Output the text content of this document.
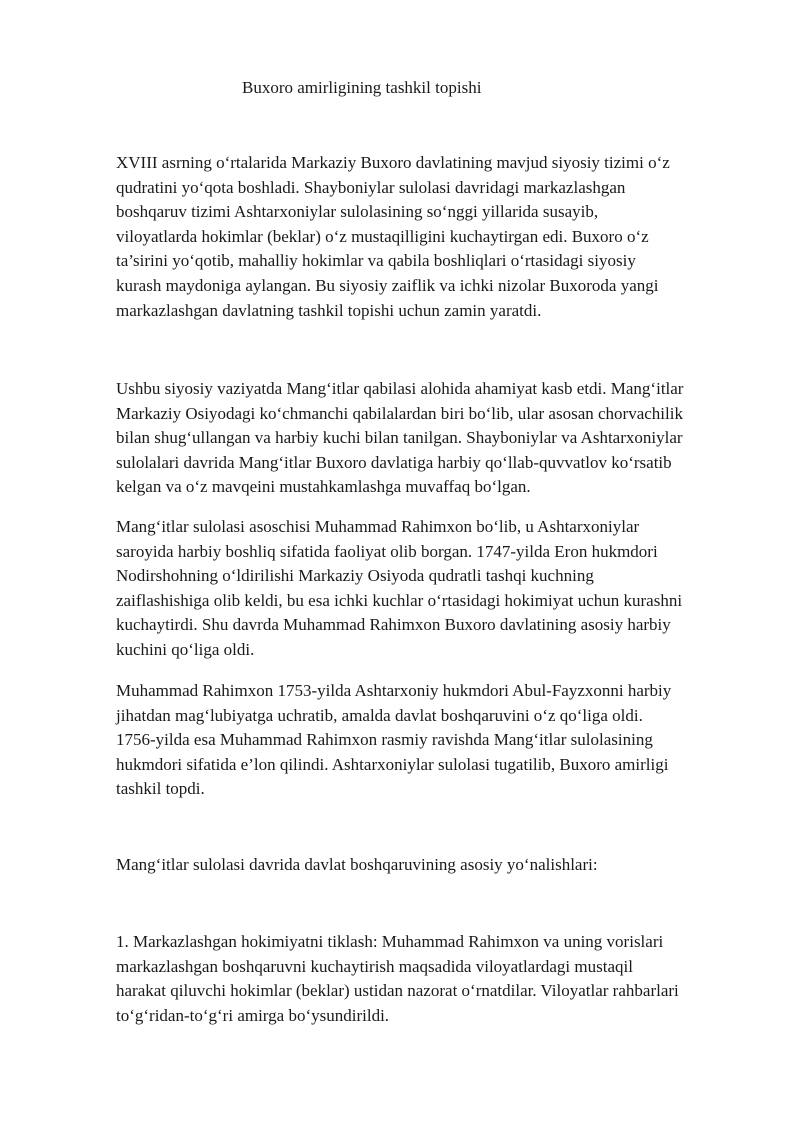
Buxoro amirligining tashkil topishi
XVIII asrning o‘rtalarida Markaziy Buxoro davlatining mavjud siyosiy tizimi o‘z
qudratini yo‘qota boshladi. Shayboniylar sulolasi davridagi markazlashgan
boshqaruv tizimi Ashtarxoniylar sulolasining so‘nggi yillarida susayib,
viloyatlarda hokimlar (beklar) o‘z mustaqilligini kuchaytirgan edi. Buxoro o‘z
ta’sirini yo‘qotib, mahalliy hokimlar va qabila boshliqlari o‘rtasidagi siyosiy
kurash maydoniga aylangan. Bu siyosiy zaiflik va ichki nizolar Buxoroda yangi
markazlashgan davlatning tashkil topishi uchun zamin yaratdi.
Ushbu siyosiy vaziyatda Mang‘itlar qabilasi alohida ahamiyat kasb etdi. Mang‘itlar
Markaziy Osiyodagi ko‘chmanchi qabilalardan biri bo‘lib, ular asosan chorvachilik
bilan shug‘ullangan va harbiy kuchi bilan tanilgan. Shayboniylar va Ashtarxoniylar
sulolalari davrida Mang‘itlar Buxoro davlatiga harbiy qo‘llab-quvvatlov ko‘rsatib
kelgan va o‘z mavqeini mustahkamlashga muvaffaq bo‘lgan.
Mang‘itlar sulolasi asoschisi Muhammad Rahimxon bo‘lib, u Ashtarxoniylar
saroyida harbiy boshliq sifatida faoliyat olib borgan. 1747-yilda Eron hukmdori
Nodirshohning o‘ldirilishi Markaziy Osiyoda qudratli tashqi kuchning
zaiflashishiga olib keldi, bu esa ichki kuchlar o‘rtasidagi hokimiyat uchun kurashni
kuchaytirdi. Shu davrda Muhammad Rahimxon Buxoro davlatining asosiy harbiy
kuchini qo‘liga oldi.
Muhammad Rahimxon 1753-yilda Ashtarxoniy hukmdori Abul-Fayzxonni harbiy
jihatdan mag‘lubiyatga uchratib, amalda davlat boshqaruvini o‘z qo‘liga oldi.
1756-yilda esa Muhammad Rahimxon rasmiy ravishda Mang‘itlar sulolasining
hukmdori sifatida e’lon qilindi. Ashtarxoniylar sulolasi tugatilib, Buxoro amirligi
tashkil topdi.
Mang‘itlar sulolasi davrida davlat boshqaruvining asosiy yo‘nalishlari:
1. Markazlashgan hokimiyatni tiklash: Muhammad Rahimxon va uning vorislari
markazlashgan boshqaruvni kuchaytirish maqsadida viloyatlardagi mustaqil
harakat qiluvchi hokimlar (beklar) ustidan nazorat o‘rnatdilar. Viloyatlar rahbarlari
to‘g‘ridan-to‘g‘ri amirga bo‘ysundirildi.
